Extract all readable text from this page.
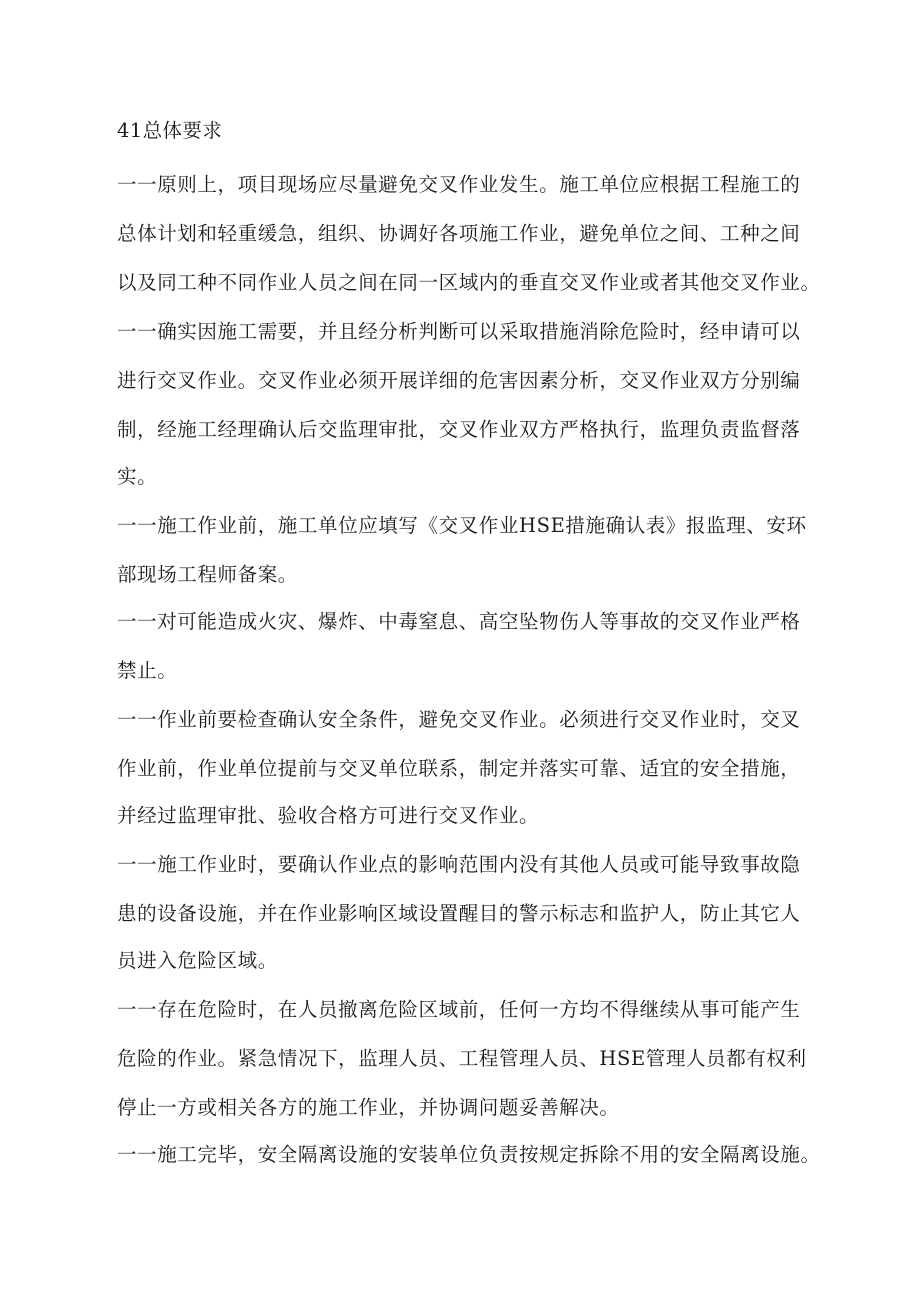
41总体要求

一一原则上，项目现场应尽量避免交叉作业发生。施工单位应根据工程施工的

总体计划和轻重缓急，组织、协调好各项施工作业，避免单位之间、工种之间

以及同工种不同作业人员之间在同一区域内的垂直交叉作业或者其他交叉作业。

一一确实因施工需要，并且经分析判断可以采取措施消除危险时，经申请可以

进行交叉作业。交叉作业必须开展详细的危害因素分析，交叉作业双方分别编

制，经施工经理确认后交监理审批，交叉作业双方严格执行，监理负责监督落

实。

一一施工作业前，施工单位应填写《交叉作业HSE措施确认表》报监理、安环

部现场工程师备案。

一一对可能造成火灾、爆炸、中毒窒息、高空坠物伤人等事故的交叉作业严格

禁止。

一一作业前要检查确认安全条件，避免交叉作业。必须进行交叉作业时，交叉

作业前，作业单位提前与交叉单位联系，制定并落实可靠、适宜的安全措施，

并经过监理审批、验收合格方可进行交叉作业。

一一施工作业时，要确认作业点的影响范围内没有其他人员或可能导致事故隐

患的设备设施，并在作业影响区域设置醒目的警示标志和监护人，防止其它人

员进入危险区域。

一一存在危险时，在人员撤离危险区域前，任何一方均不得继续从事可能产生

危险的作业。紧急情况下，监理人员、工程管理人员、HSE管理人员都有权利

停止一方或相关各方的施工作业，并协调问题妥善解决。

一一施工完毕，安全隔离设施的安装单位负责按规定拆除不用的安全隔离设施。
